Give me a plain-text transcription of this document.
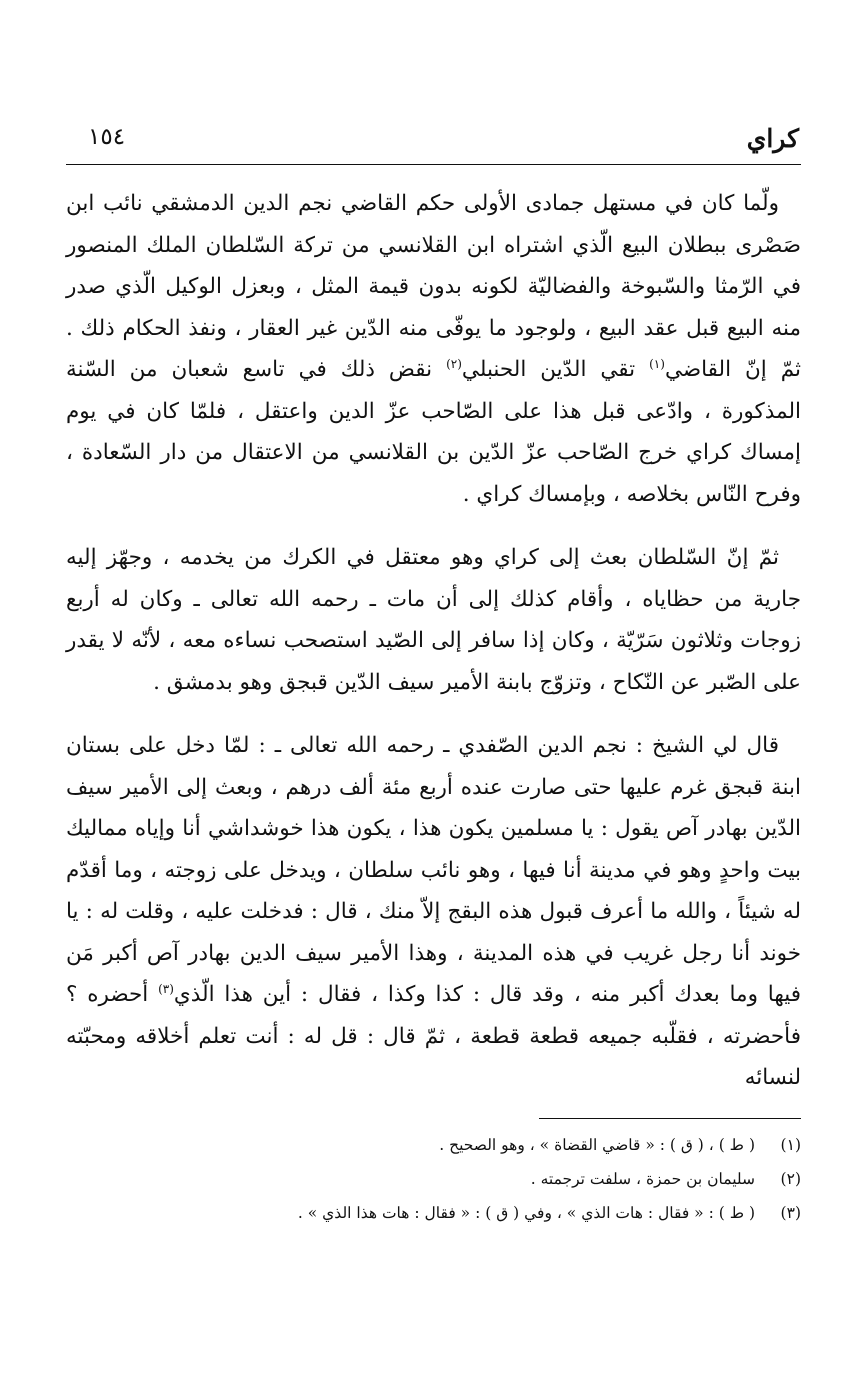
كراي
١٥٤

ولّما كان في مستهل جمادى الأولى حكم القاضي نجم الدين الدمشقي نائب ابن صَصْرى ببطلان البيع الّذي اشتراه ابن القلانسي من تركة السّلطان الملك المنصور في الرّمثا والسّبوخة والفضاليّة لكونه بدون قيمة المثل ، وبعزل الوكيل الّذي صدر منه البيع قبل عقد البيع ، ولوجود ما يوفّى منه الدّين غير العقار ، ونفذ الحكام ذلك . ثمّ إنّ القاضي$^{(١)}$ تقي الدّين الحنبلي$^{(٢)}$ نقض ذلك في تاسع شعبان من السّنة المذكورة ، وادّعى قبل هذا على الصّاحب عزّ الدين واعتقل ، فلمّا كان في يوم إمساك كراي خرج الصّاحب عزّ الدّين بن القلانسي من الاعتقال من دار السّعادة ، وفرح النّاس بخلاصه ، وبإمساك كراي .

ثمّ إنّ السّلطان بعث إلى كراي وهو معتقل في الكرك من يخدمه ، وجهّز إليه جارية من حظاياه ، وأقام كذلك إلى أن مات ـ رحمه الله تعالى ـ وكان له أربع زوجات وثلاثون سَرّيّة ، وكان إذا سافر إلى الصّيد استصحب نساءه معه ، لأنّه لا يقدر على الصّبر عن النّكاح ، وتزوّج بابنة الأمير سيف الدّين قبجق وهو بدمشق .

قال لي الشيخ : نجم الدين الصّفدي ـ رحمه الله تعالى ـ : لمّا دخل على بستان ابنة قبجق غرم عليها حتى صارت عنده أربع مئة ألف درهم ، وبعث إلى الأمير سيف الدّين بهادر آص يقول : يا مسلمين يكون هذا ، يكون هذا خوشداشي أنا وإياه مماليك بيت واحدٍ وهو في مدينة أنا فيها ، وهو نائب سلطان ، ويدخل على زوجته ، وما أقدّم له شيئاً ، والله ما أعرف قبول هذه البقج إلاّ منك ، قال : فدخلت عليه ، وقلت له : يا خوند أنا رجل غريب في هذه المدينة ، وهذا الأمير سيف الدين بهادر آص أكبر مَن فيها وما بعدك أكبر منه ، وقد قال : كذا وكذا ، فقال : أين هذا الّذي$^{(٣)}$ أحضره ؟ فأحضرته ، فقلّبه جميعه قطعة قطعة ، ثمّ قال : قل له : أنت تعلم أخلاقه ومحبّته لنسائه

(١)
( ط ) ، ( ق ) : « قاضي القضاة » ، وهو الصحيح .
(٢)
سليمان بن حمزة ، سلفت ترجمته .
(٣)
( ط ) : « فقال : هات الذي » ، وفي ( ق ) : « فقال : هات هذا الذي » .
